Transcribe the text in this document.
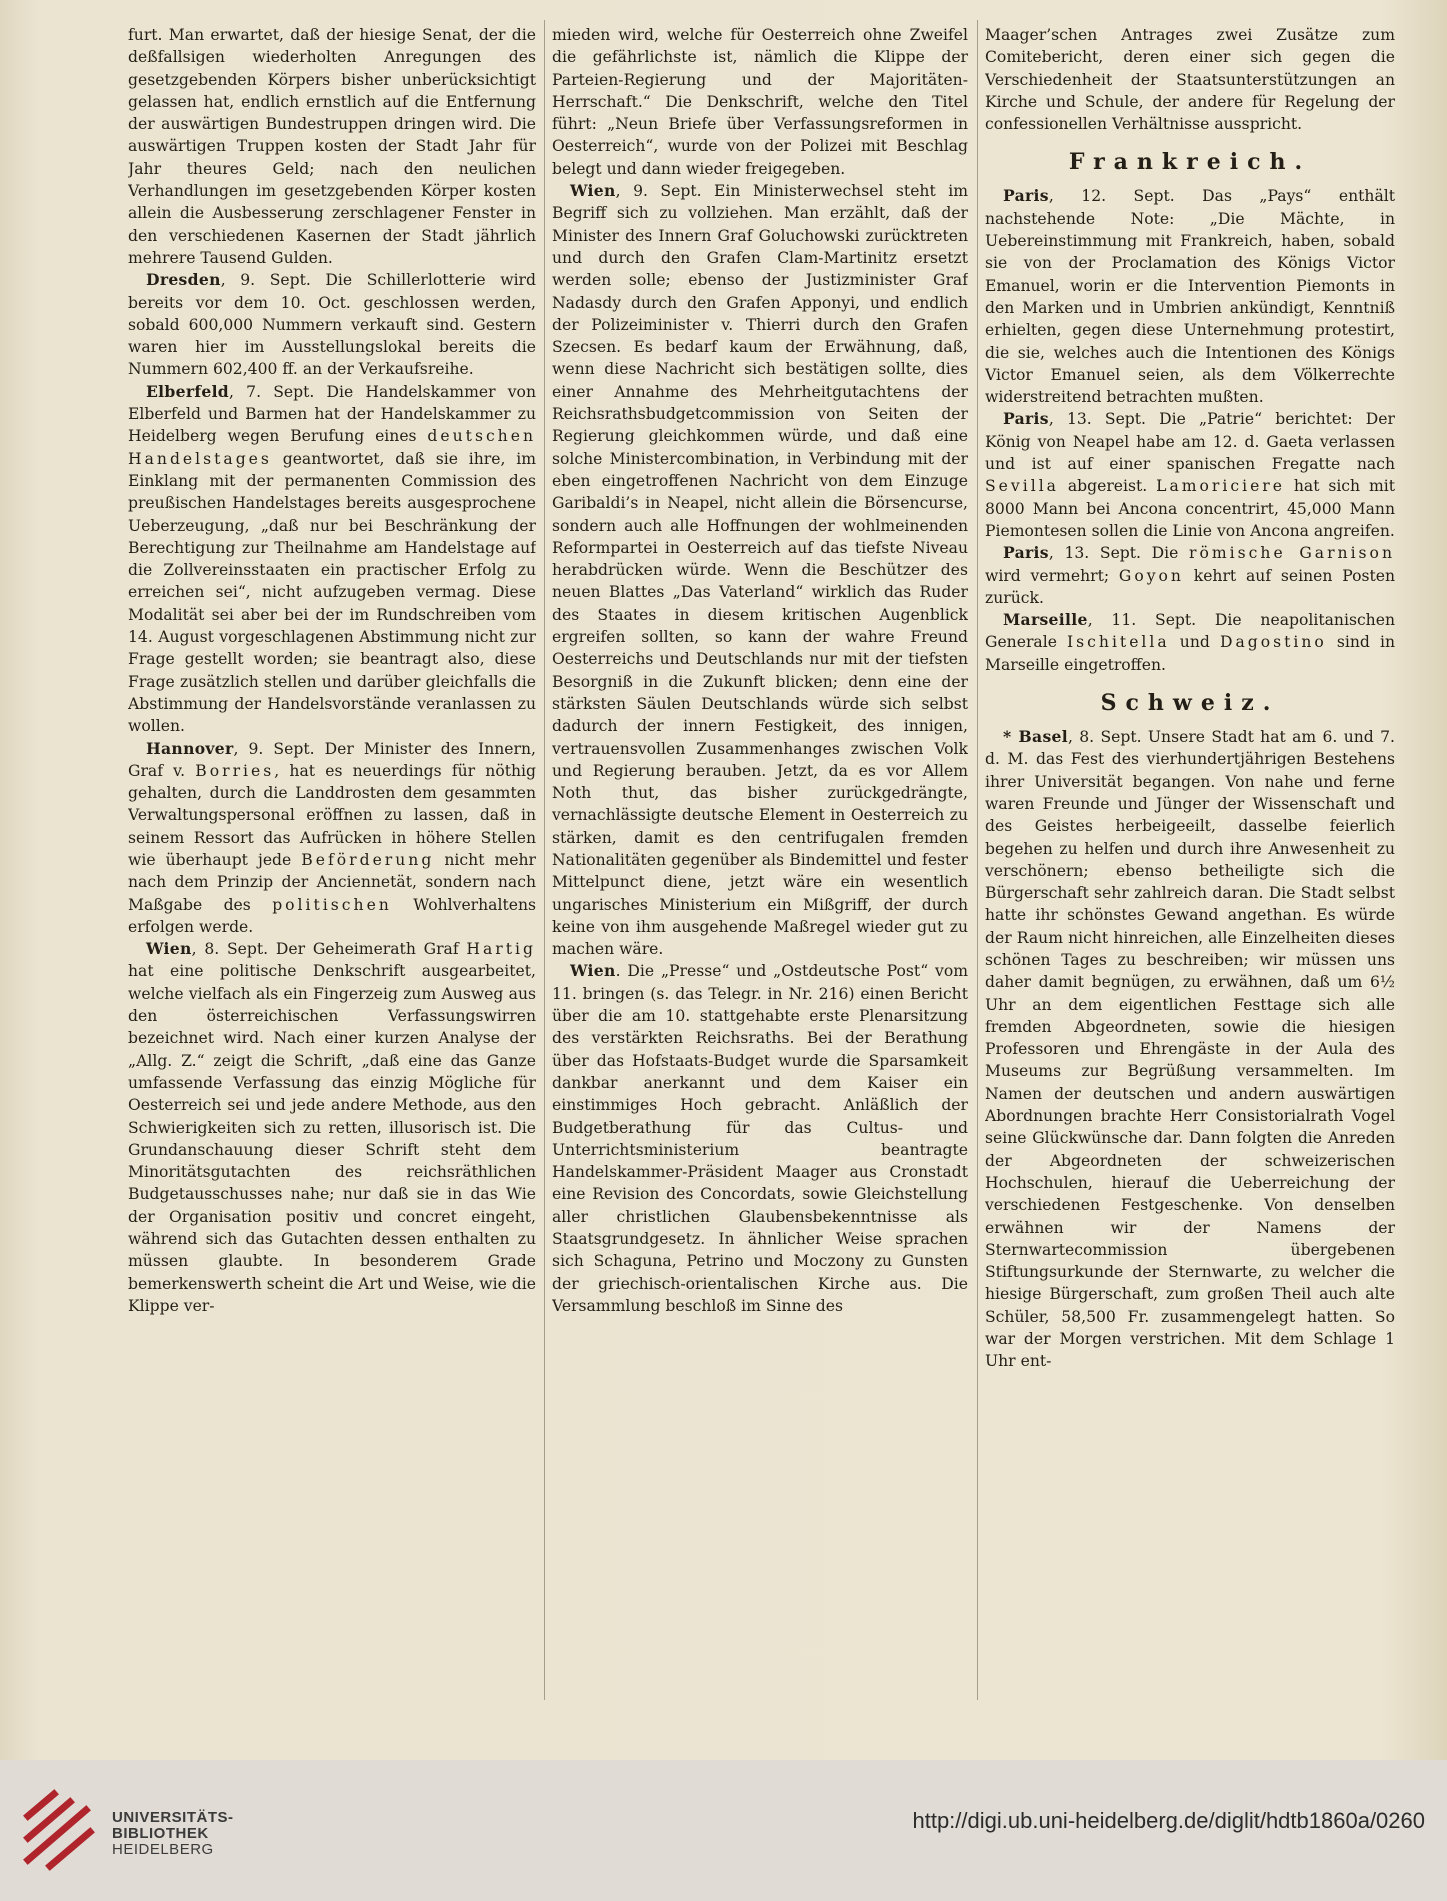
furt. Man erwartet, daß der hiesige Senat, der die deßfallsigen wiederholten Anregungen des gesetzgebenden Körpers bisher unberücksichtigt gelassen hat, endlich ernstlich auf die Entfernung der auswärtigen Bundestruppen dringen wird. Die auswärtigen Truppen kosten der Stadt Jahr für Jahr theures Geld; nach den neulichen Verhandlungen im gesetzgebenden Körper kosten allein die Ausbesserung zerschlagener Fenster in den verschiedenen Kasernen der Stadt jährlich mehrere Tausend Gulden.

Dresden, 9. Sept. Die Schillerlotterie wird bereits vor dem 10. Oct. geschlossen werden, sobald 600,000 Nummern verkauft sind. Gestern waren hier im Ausstellungslokal bereits die Nummern 602,400 ff. an der Verkaufsreihe.

Elberfeld, 7. Sept. Die Handelskammer von Elberfeld und Barmen hat der Handelskammer zu Heidelberg wegen Berufung eines deutschen Handelstages geantwortet, daß sie ihre, im Einklang mit der permanenten Commission des preußischen Handelstages bereits ausgesprochene Ueberzeugung, „daß nur bei Beschränkung der Berechtigung zur Theilnahme am Handelstage auf die Zollvereinsstaaten ein practischer Erfolg zu erreichen sei“, nicht aufzugeben vermag. Diese Modalität sei aber bei der im Rundschreiben vom 14. August vorgeschlagenen Abstimmung nicht zur Frage gestellt worden; sie beantragt also, diese Frage zusätzlich stellen und darüber gleichfalls die Abstimmung der Handelsvorstände veranlassen zu wollen.

Hannover, 9. Sept. Der Minister des Innern, Graf v. Borries, hat es neuerdings für nöthig gehalten, durch die Landdrosten dem gesammten Verwaltungspersonal eröffnen zu lassen, daß in seinem Ressort das Aufrücken in höhere Stellen wie überhaupt jede Beförderung nicht mehr nach dem Prinzip der Anciennetät, sondern nach Maßgabe des politischen Wohlverhaltens erfolgen werde.

Wien, 8. Sept. Der Geheimerath Graf Hartig hat eine politische Denkschrift ausgearbeitet, welche vielfach als ein Fingerzeig zum Ausweg aus den österreichischen Verfassungswirren bezeichnet wird. Nach einer kurzen Analyse der „Allg. Z.“ zeigt die Schrift, „daß eine das Ganze umfassende Verfassung das einzig Mögliche für Oesterreich sei und jede andere Methode, aus den Schwierigkeiten sich zu retten, illusorisch ist. Die Grundanschauung dieser Schrift steht dem Minoritätsgutachten des reichsräthlichen Budgetausschusses nahe; nur daß sie in das Wie der Organisation positiv und concret eingeht, während sich das Gutachten dessen enthalten zu müssen glaubte. In besonderem Grade bemerkenswerth scheint die Art und Weise, wie die Klippe ver-

mieden wird, welche für Oesterreich ohne Zweifel die gefährlichste ist, nämlich die Klippe der Parteien-Regierung und der Majoritäten-Herrschaft.“ Die Denkschrift, welche den Titel führt: „Neun Briefe über Verfassungsreformen in Oesterreich“, wurde von der Polizei mit Beschlag belegt und dann wieder freigegeben.

Wien, 9. Sept. Ein Ministerwechsel steht im Begriff sich zu vollziehen. Man erzählt, daß der Minister des Innern Graf Goluchowski zurücktreten und durch den Grafen Clam-Martinitz ersetzt werden solle; ebenso der Justizminister Graf Nadasdy durch den Grafen Apponyi, und endlich der Polizeiminister v. Thierri durch den Grafen Szecsen. Es bedarf kaum der Erwähnung, daß, wenn diese Nachricht sich bestätigen sollte, dies einer Annahme des Mehrheitgutachtens der Reichsrathsbudgetcommission von Seiten der Regierung gleichkommen würde, und daß eine solche Ministercombination, in Verbindung mit der eben eingetroffenen Nachricht von dem Einzuge Garibaldi’s in Neapel, nicht allein die Börsencurse, sondern auch alle Hoffnungen der wohlmeinenden Reformpartei in Oesterreich auf das tiefste Niveau herabdrücken würde. Wenn die Beschützer des neuen Blattes „Das Vaterland“ wirklich das Ruder des Staates in diesem kritischen Augenblick ergreifen sollten, so kann der wahre Freund Oesterreichs und Deutschlands nur mit der tiefsten Besorgniß in die Zukunft blicken; denn eine der stärksten Säulen Deutschlands würde sich selbst dadurch der innern Festigkeit, des innigen, vertrauensvollen Zusammenhanges zwischen Volk und Regierung berauben. Jetzt, da es vor Allem Noth thut, das bisher zurückgedrängte, vernachlässigte deutsche Element in Oesterreich zu stärken, damit es den centrifugalen fremden Nationalitäten gegenüber als Bindemittel und fester Mittelpunct diene, jetzt wäre ein wesentlich ungarisches Ministerium ein Mißgriff, der durch keine von ihm ausgehende Maßregel wieder gut zu machen wäre.

Wien. Die „Presse“ und „Ostdeutsche Post“ vom 11. bringen (s. das Telegr. in Nr. 216) einen Bericht über die am 10. stattgehabte erste Plenarsitzung des verstärkten Reichsraths. Bei der Berathung über das Hofstaats-Budget wurde die Sparsamkeit dankbar anerkannt und dem Kaiser ein einstimmiges Hoch gebracht. Anläßlich der Budgetberathung für das Cultus- und Unterrichtsministerium beantragte Handelskammer-Präsident Maager aus Cronstadt eine Revision des Concordats, sowie Gleichstellung aller christlichen Glaubensbekenntnisse als Staatsgrundgesetz. In ähnlicher Weise sprachen sich Schaguna, Petrino und Moczony zu Gunsten der griechisch-orientalischen Kirche aus. Die Versammlung beschloß im Sinne des

Maager’schen Antrages zwei Zusätze zum Comitebericht, deren einer sich gegen die Verschiedenheit der Staatsunterstützungen an Kirche und Schule, der andere für Regelung der confessionellen Verhältnisse ausspricht.

Frankreich.

Paris, 12. Sept. Das „Pays“ enthält nachstehende Note: „Die Mächte, in Uebereinstimmung mit Frankreich, haben, sobald sie von der Proclamation des Königs Victor Emanuel, worin er die Intervention Piemonts in den Marken und in Umbrien ankündigt, Kenntniß erhielten, gegen diese Unternehmung protestirt, die sie, welches auch die Intentionen des Königs Victor Emanuel seien, als dem Völkerrechte widerstreitend betrachten mußten.

Paris, 13. Sept. Die „Patrie“ berichtet: Der König von Neapel habe am 12. d. Gaeta verlassen und ist auf einer spanischen Fregatte nach Sevilla abgereist. Lamoriciere hat sich mit 8000 Mann bei Ancona concentrirt, 45,000 Mann Piemontesen sollen die Linie von Ancona angreifen.

Paris, 13. Sept. Die römische Garnison wird vermehrt; Goyon kehrt auf seinen Posten zurück.

Marseille, 11. Sept. Die neapolitanischen Generale Ischitella und Dagostino sind in Marseille eingetroffen.

Schweiz.

* Basel, 8. Sept. Unsere Stadt hat am 6. und 7. d. M. das Fest des vierhundertjährigen Bestehens ihrer Universität begangen. Von nahe und ferne waren Freunde und Jünger der Wissenschaft und des Geistes herbeigeeilt, dasselbe feierlich begehen zu helfen und durch ihre Anwesenheit zu verschönern; ebenso betheiligte sich die Bürgerschaft sehr zahlreich daran. Die Stadt selbst hatte ihr schönstes Gewand angethan. Es würde der Raum nicht hinreichen, alle Einzelheiten dieses schönen Tages zu beschreiben; wir müssen uns daher damit begnügen, zu erwähnen, daß um 6½ Uhr an dem eigentlichen Festtage sich alle fremden Abgeordneten, sowie die hiesigen Professoren und Ehrengäste in der Aula des Museums zur Begrüßung versammelten. Im Namen der deutschen und andern auswärtigen Abordnungen brachte Herr Consistorialrath Vogel seine Glückwünsche dar. Dann folgten die Anreden der Abgeordneten der schweizerischen Hochschulen, hierauf die Ueberreichung der verschiedenen Festgeschenke. Von denselben erwähnen wir der Namens der Sternwartecommission übergebenen Stiftungsurkunde der Sternwarte, zu welcher die hiesige Bürgerschaft, zum großen Theil auch alte Schüler, 58,500 Fr. zusammengelegt hatten. So war der Morgen verstrichen. Mit dem Schlage 1 Uhr ent-

UNIVERSITÄTS-
BIBLIOTHEK
HEIDELBERG
http://digi.ub.uni-heidelberg.de/diglit/hdtb1860a/0260
